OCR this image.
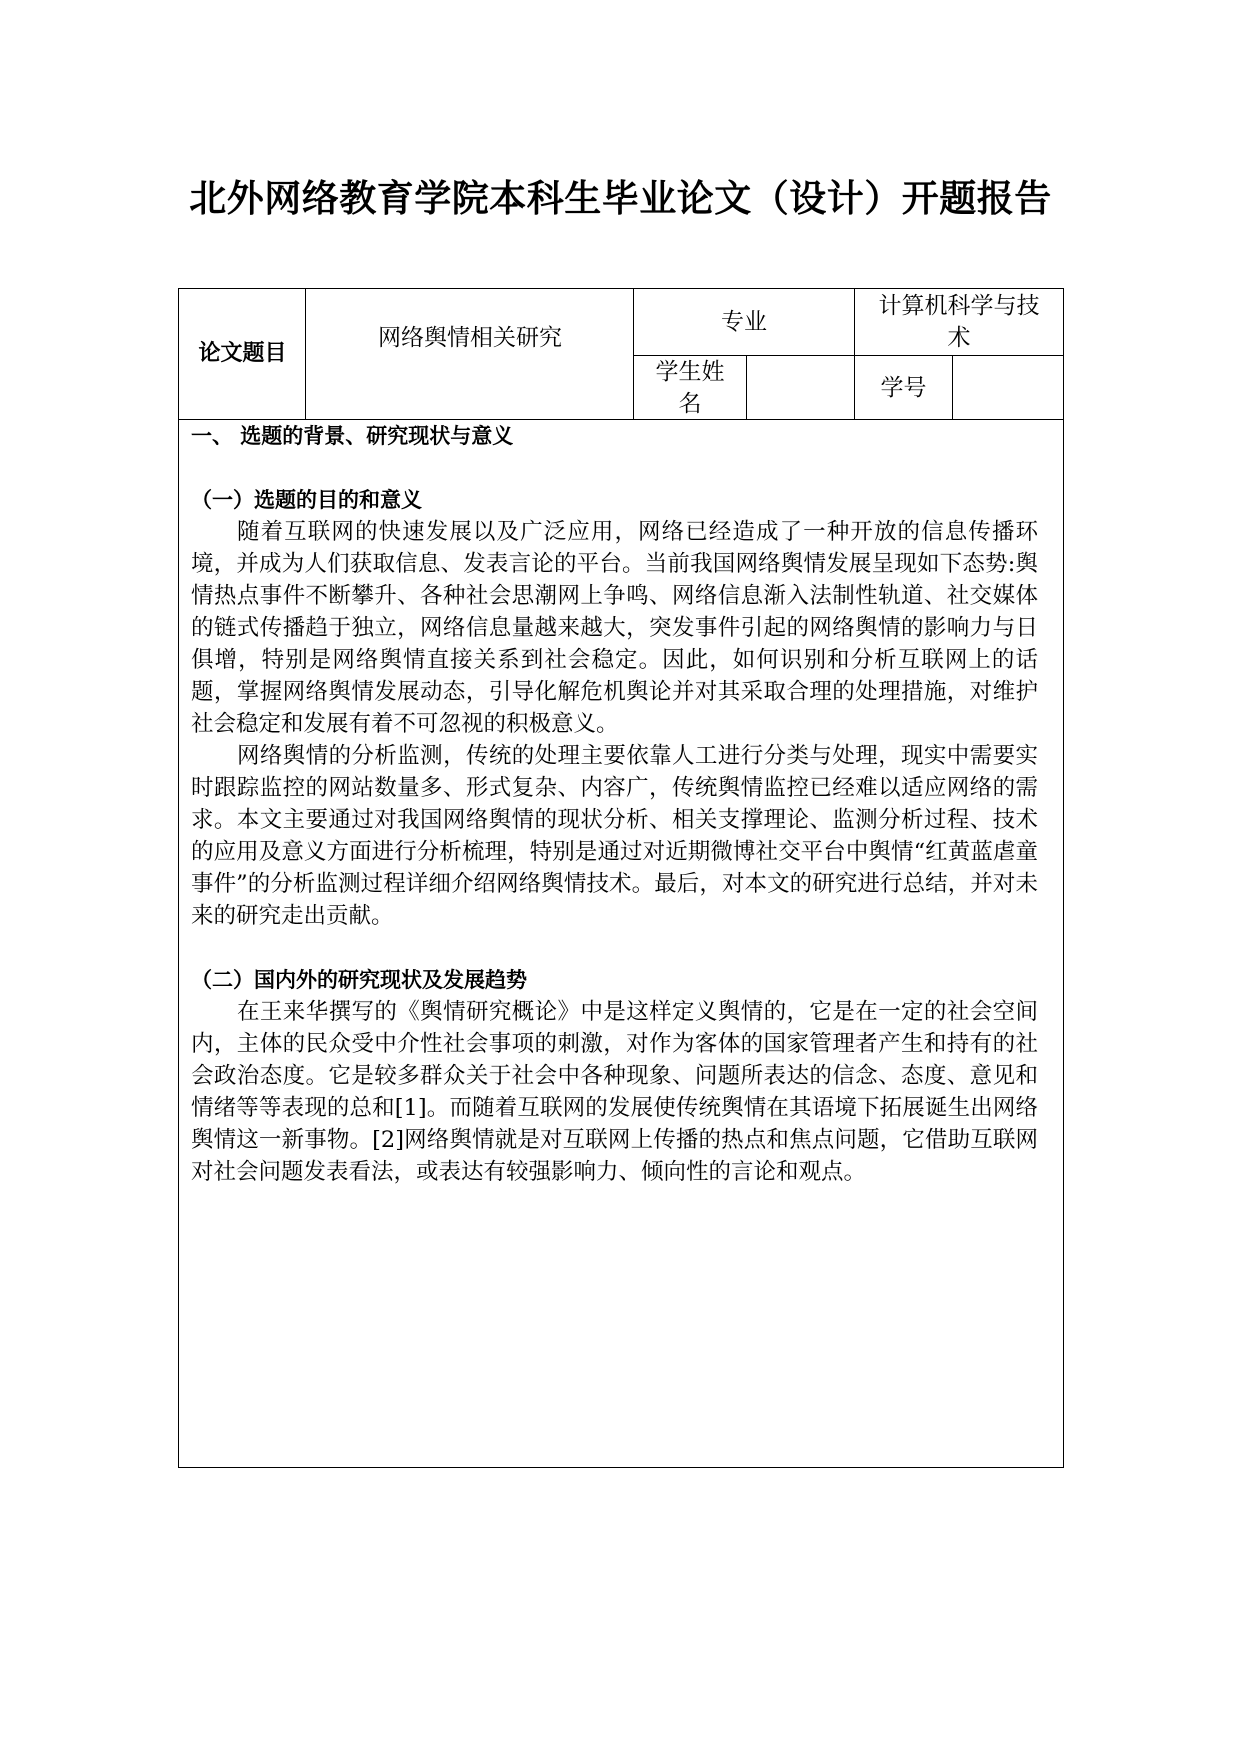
北外网络教育学院本科生毕业论文（设计）开题报告
论文题目
网络舆情相关研究
专业
计算机科学与技术
学生姓名
学号

一、 选题的背景、研究现状与意义

（一）选题的目的和意义

随着互联网的快速发展以及广泛应用，网络已经造成了一种开放的信息传播环境，并成为人们获取信息、发表言论的平台。当前我国网络舆情发展呈现如下态势:舆情热点事件不断攀升、各种社会思潮网上争鸣、网络信息渐入法制性轨道、社交媒体的链式传播趋于独立，网络信息量越来越大，突发事件引起的网络舆情的影响力与日俱增，特别是网络舆情直接关系到社会稳定。因此，如何识别和分析互联网上的话题，掌握网络舆情发展动态，引导化解危机舆论并对其采取合理的处理措施，对维护社会稳定和发展有着不可忽视的积极意义。

网络舆情的分析监测，传统的处理主要依靠人工进行分类与处理，现实中需要实时跟踪监控的网站数量多、形式复杂、内容广，传统舆情监控已经难以适应网络的需求。本文主要通过对我国网络舆情的现状分析、相关支撑理论、监测分析过程、技术的应用及意义方面进行分析梳理，特别是通过对近期微博社交平台中舆情“红黄蓝虐童事件”的分析监测过程详细介绍网络舆情技术。最后，对本文的研究进行总结，并对未来的研究走出贡献。

（二）国内外的研究现状及发展趋势

在王来华撰写的《舆情研究概论》中是这样定义舆情的，它是在一定的社会空间内，主体的民众受中介性社会事项的刺激，对作为客体的国家管理者产生和持有的社会政治态度。它是较多群众关于社会中各种现象、问题所表达的信念、态度、意见和情绪等等表现的总和[1]。而随着互联网的发展使传统舆情在其语境下拓展诞生出网络舆情这一新事物。[2]网络舆情就是对互联网上传播的热点和焦点问题，它借助互联网对社会问题发表看法，或表达有较强影响力、倾向性的言论和观点。
